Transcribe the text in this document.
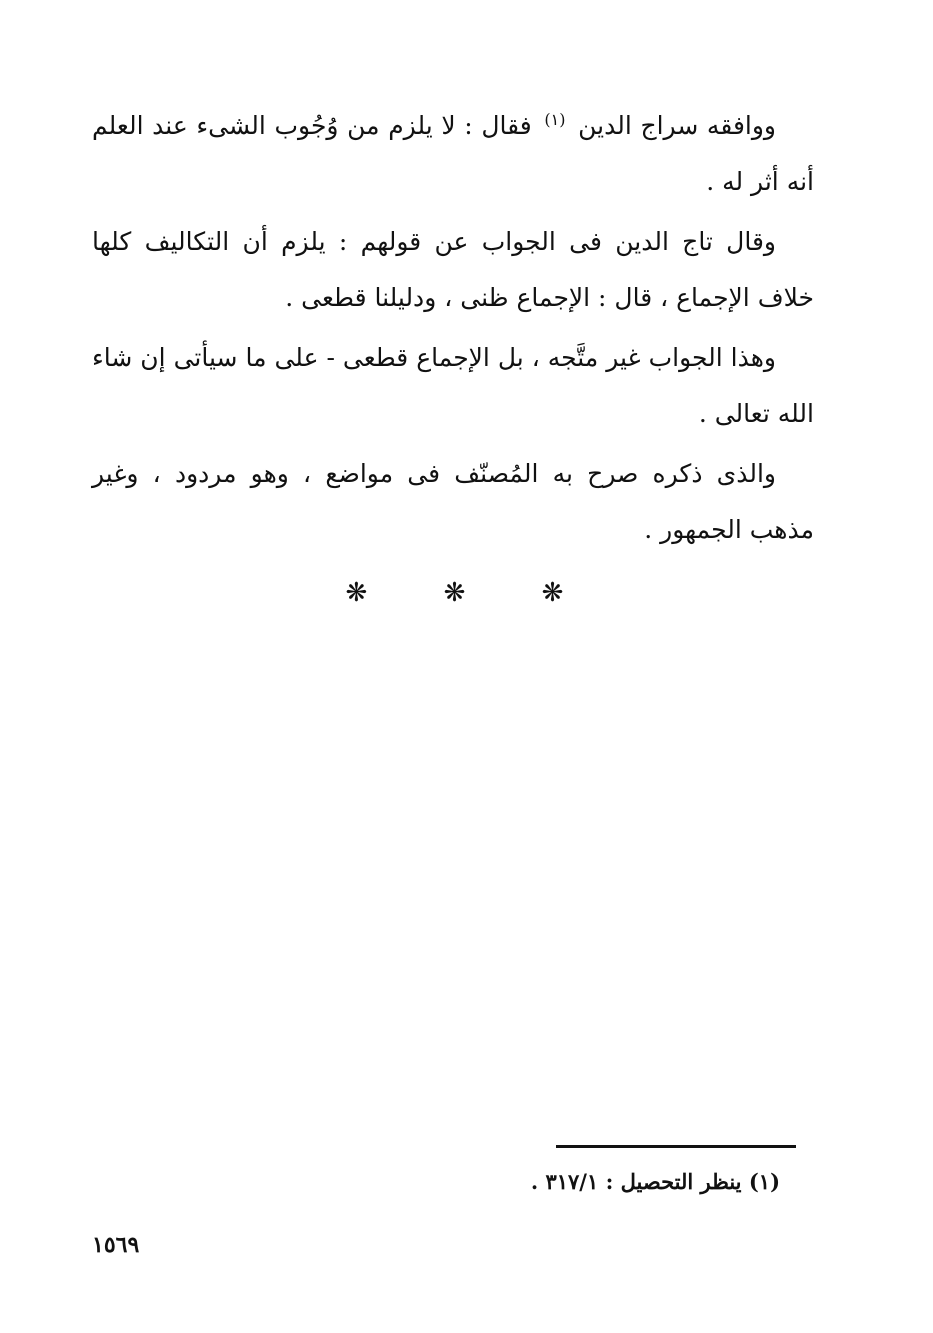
ووافقه سراج الدين $^{(١)}$ فقال : لا يلزم من وُجُوب الشىء عند العلم أنه أثر له .

وقال تاج الدين فى الجواب عن قولهم : يلزم أن التكاليف كلها خلاف الإجماع ، قال : الإجماع ظنى ، ودليلنا قطعى .

وهذا الجواب غير متَّجه ، بل الإجماع قطعى - على ما سيأتى إن شاء الله تعالى .

والذى ذكره صرح به المُصنّف فى مواضع ، وهو مردود ، وغير مذهب الجمهور .

❋ ❋ ❋
(١) ينظر التحصيل : ٣١٧/١ .
١٥٦٩
